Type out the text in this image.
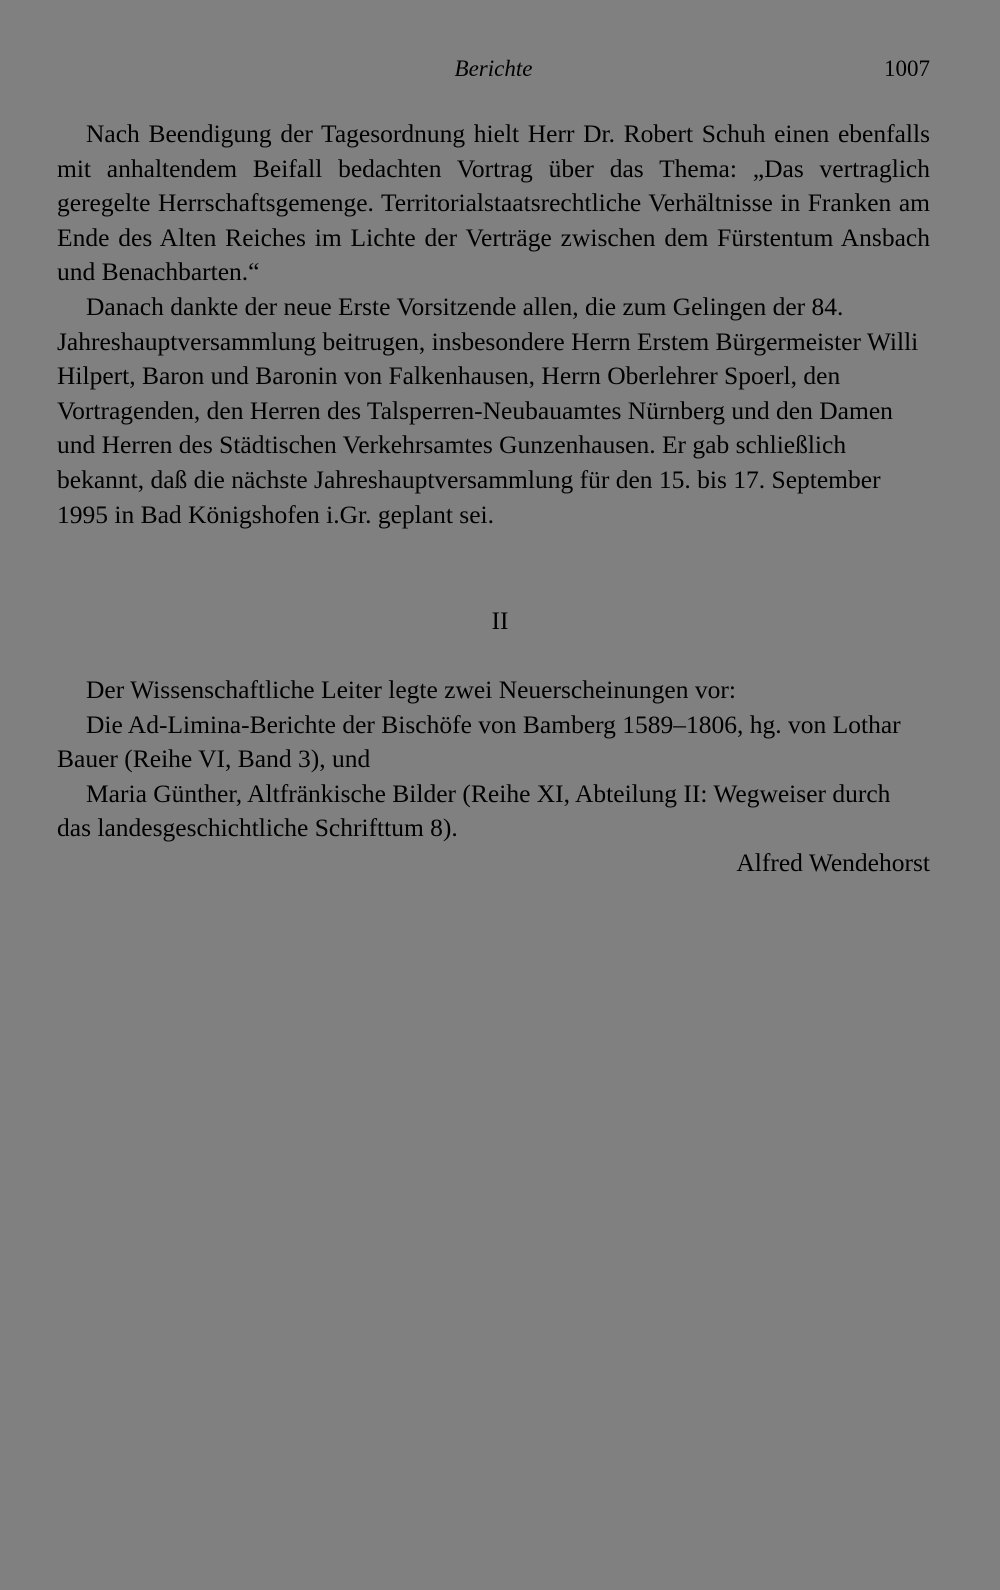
Berichte	1007

Nach Beendigung der Tagesordnung hielt Herr Dr. Robert Schuh einen ebenfalls mit anhaltendem Beifall bedachten Vortrag über das Thema: „Das vertraglich geregelte Herrschaftsgemenge. Territorialstaatsrechtliche Verhältnisse in Franken am Ende des Alten Reiches im Lichte der Verträge zwischen dem Fürstentum Ansbach und Benachbarten.“

Danach dankte der neue Erste Vorsitzende allen, die zum Gelingen der 84. Jahreshauptversammlung beitrugen, insbesondere Herrn Erstem Bürgermeister Willi Hilpert, Baron und Baronin von Falkenhausen, Herrn Oberlehrer Spoerl, den Vortragenden, den Herren des Talsperren-Neubauamtes Nürnberg und den Damen und Herren des Städtischen Verkehrsamtes Gunzenhausen. Er gab schließlich bekannt, daß die nächste Jahreshauptversammlung für den 15. bis 17. September 1995 in Bad Königshofen i.Gr. geplant sei.

II

Der Wissenschaftliche Leiter legte zwei Neuerscheinungen vor:

Die Ad-Limina-Berichte der Bischöfe von Bamberg 1589–1806, hg. von Lothar Bauer (Reihe VI, Band 3), und

Maria Günther, Altfränkische Bilder (Reihe XI, Abteilung II: Wegweiser durch das landesgeschichtliche Schrifttum 8).

Alfred Wendehorst
